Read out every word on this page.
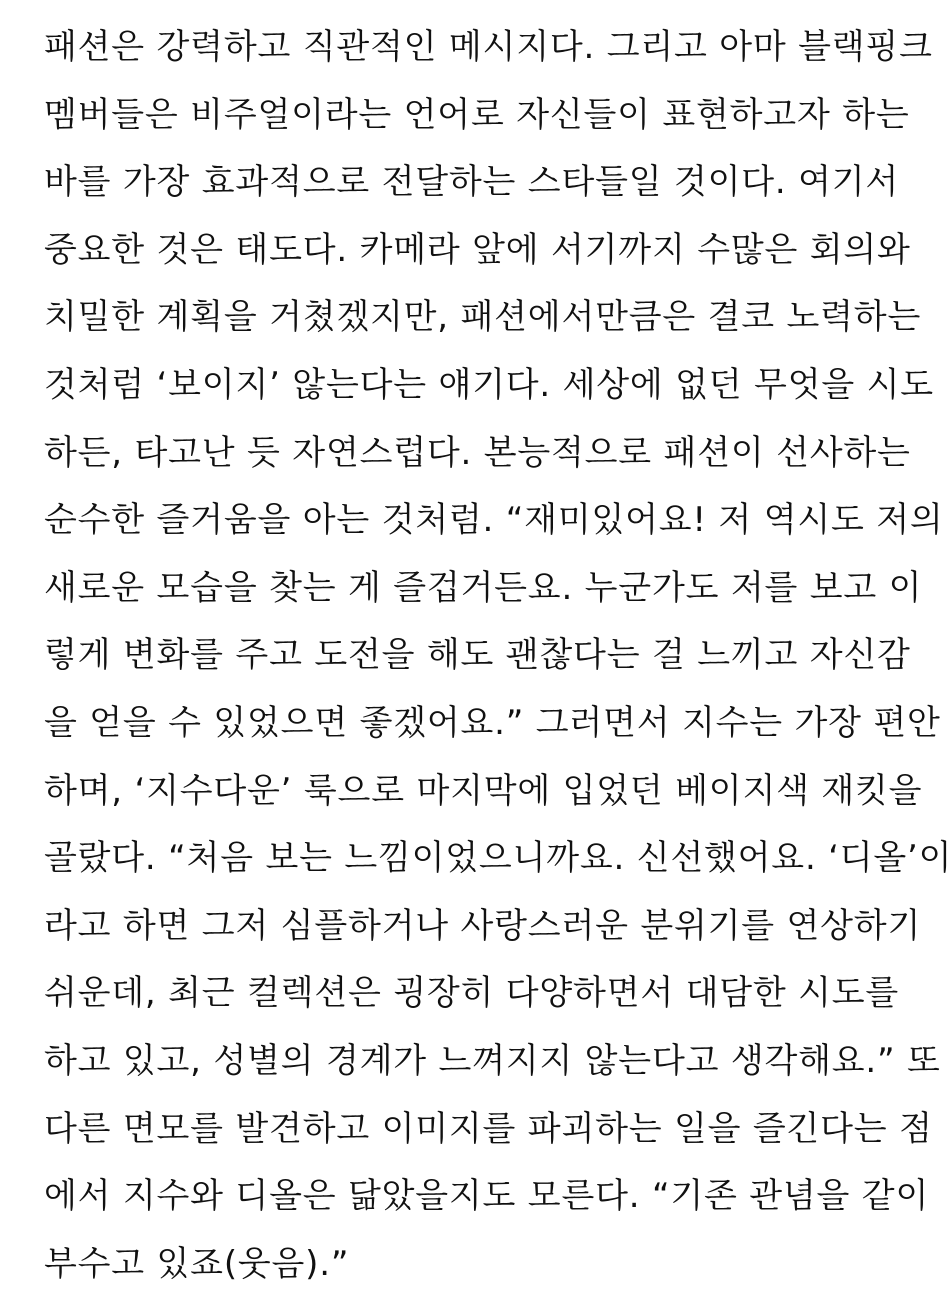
패션은 강력하고 직관적인 메시지다. 그리고 아마 블랙핑크
멤버들은 비주얼이라는 언어로 자신들이 표현하고자 하는
바를 가장 효과적으로 전달하는 스타들일 것이다. 여기서
중요한 것은 태도다. 카메라 앞에 서기까지 수많은 회의와
치밀한 계획을 거쳤겠지만, 패션에서만큼은 결코 노력하는
것처럼 ‘보이지’ 않는다는 얘기다. 세상에 없던 무엇을 시도
하든, 타고난 듯 자연스럽다. 본능적으로 패션이 선사하는
순수한 즐거움을 아는 것처럼. “재미있어요! 저 역시도 저의
새로운 모습을 찾는 게 즐겁거든요. 누군가도 저를 보고 이
렇게 변화를 주고 도전을 해도 괜찮다는 걸 느끼고 자신감
을 얻을 수 있었으면 좋겠어요.” 그러면서 지수는 가장 편안
하며, ‘지수다운’ 룩으로 마지막에 입었던 베이지색 재킷을
골랐다. “처음 보는 느낌이었으니까요. 신선했어요. ‘디올’이
라고 하면 그저 심플하거나 사랑스러운 분위기를 연상하기
쉬운데, 최근 컬렉션은 굉장히 다양하면서 대담한 시도를
하고 있고, 성별의 경계가 느껴지지 않는다고 생각해요.” 또
다른 면모를 발견하고 이미지를 파괴하는 일을 즐긴다는 점
에서 지수와 디올은 닮았을지도 모른다. “기존 관념을 같이
부수고 있죠(웃음).”
